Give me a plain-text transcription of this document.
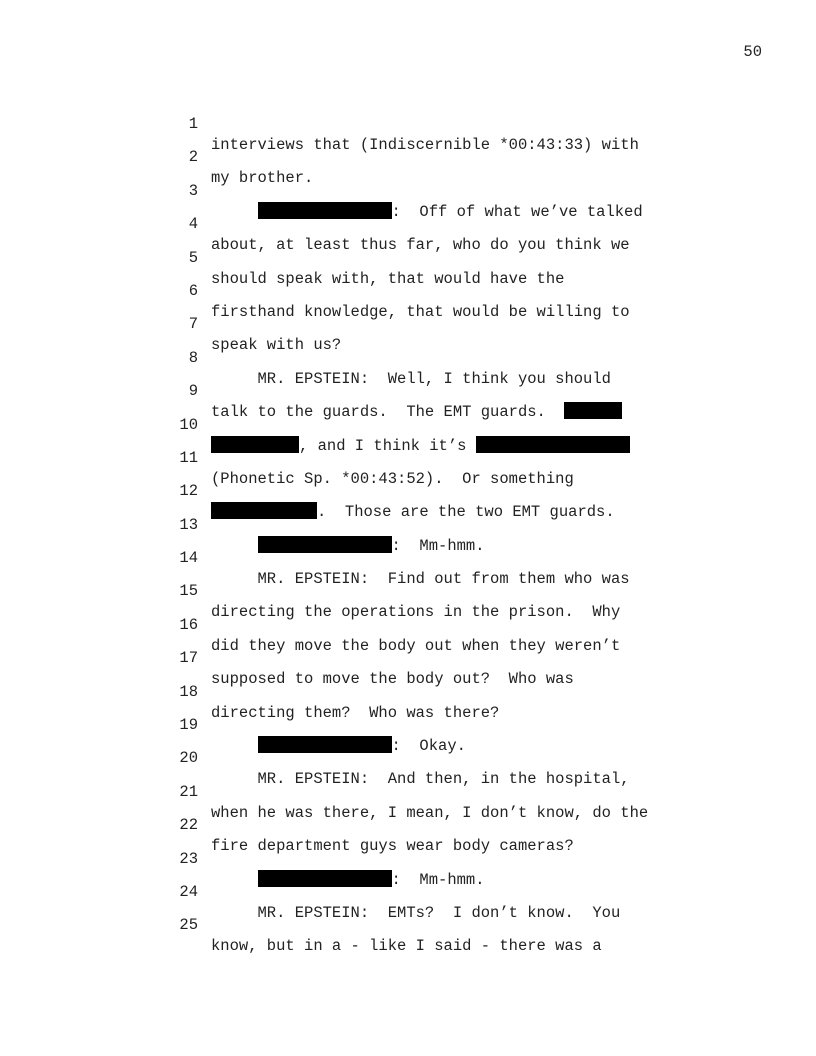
50

1

interviews that (Indiscernible *00:43:33) with

2

my brother.

3

:  Off of what we’ve talked

4

about, at least thus far, who do you think we

5

should speak with, that would have the

6

firsthand knowledge, that would be willing to

7

speak with us?

8

MR. EPSTEIN:  Well, I think you should

9

talk to the guards.  The EMT guards.

10

, and I think it’s

11

(Phonetic Sp. *00:43:52).  Or something

12

.  Those are the two EMT guards.

13

:  Mm-hmm.

14

MR. EPSTEIN:  Find out from them who was

15

directing the operations in the prison.  Why

16

did they move the body out when they weren’t

17

supposed to move the body out?  Who was

18

directing them?  Who was there?

19

:  Okay.

20

MR. EPSTEIN:  And then, in the hospital,

21

when he was there, I mean, I don’t know, do the

22

fire department guys wear body cameras?

23

:  Mm-hmm.

24

MR. EPSTEIN:  EMTs?  I don’t know.  You

25

know, but in a - like I said - there was a
